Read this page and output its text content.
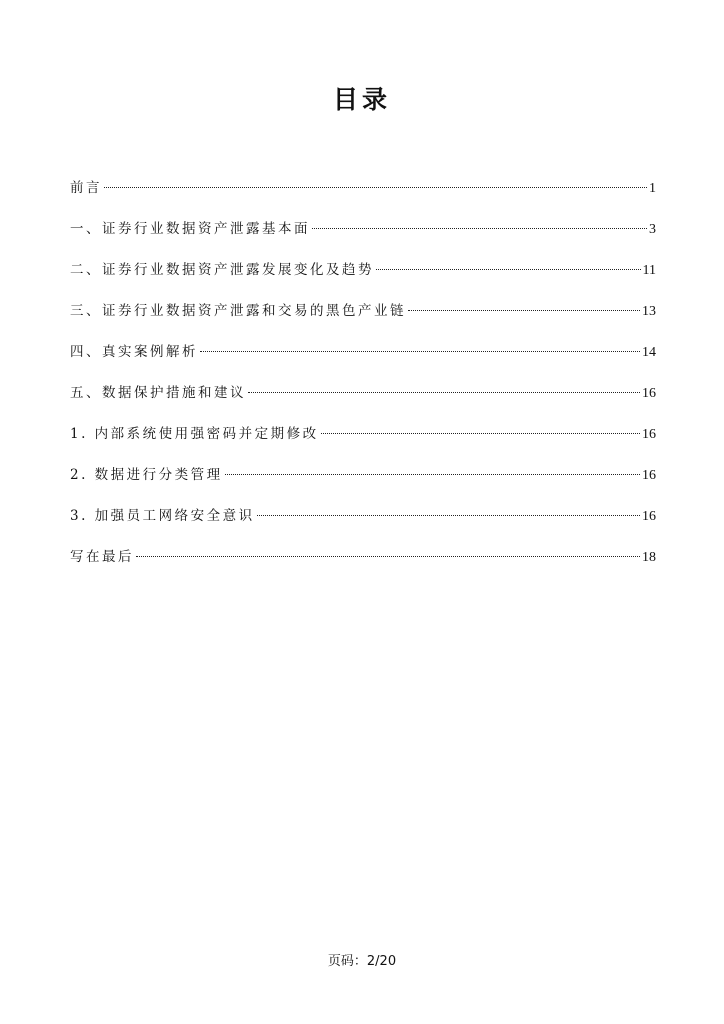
目录
前言	1
一、证券行业数据资产泄露基本面	3
二、证券行业数据资产泄露发展变化及趋势	11
三、证券行业数据资产泄露和交易的黑色产业链	13
四、真实案例解析	14
五、数据保护措施和建议	16
1. 内部系统使用强密码并定期修改	16
2. 数据进行分类管理	16
3. 加强员工网络安全意识	16
写在最后	18
页码：2/20
